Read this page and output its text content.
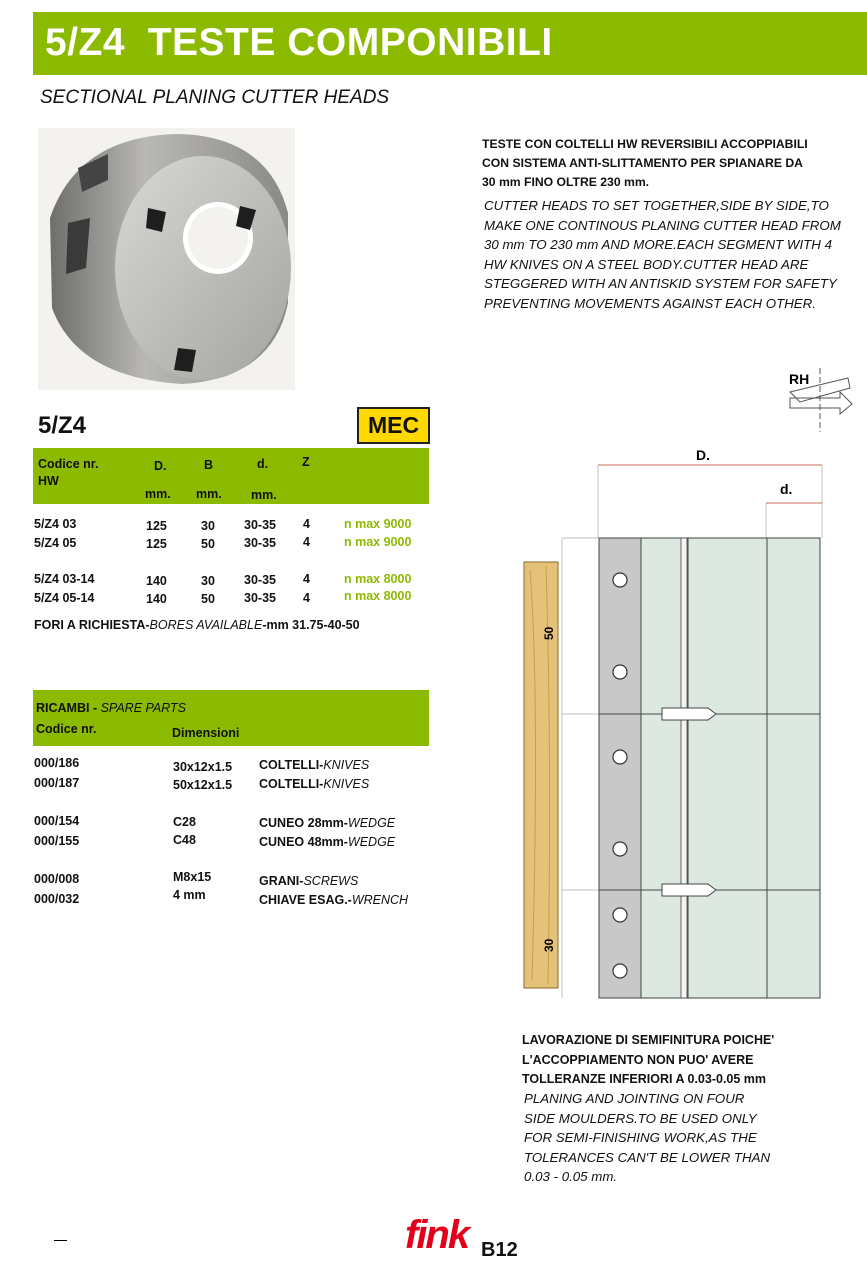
5/Z4  TESTE COMPONIBILI
SECTIONAL PLANING CUTTER HEADS
TESTE CON COLTELLI HW REVERSIBILI ACCOPPIABILI
CON SISTEMA ANTI-SLITTAMENTO PER SPIANARE DA
30 mm FINO OLTRE 230 mm.
CUTTER HEADS TO SET TOGETHER,SIDE BY SIDE,TO
MAKE ONE CONTINOUS PLANING CUTTER HEAD FROM
30 mm TO 230 mm AND MORE.EACH SEGMENT WITH 4
HW KNIVES ON A STEEL BODY.CUTTER HEAD ARE
STEGGERED WITH AN ANTISKID SYSTEM FOR SAFETY
PREVENTING MOVEMENTS AGAINST EACH OTHER.
5/Z4	MEC
Codice nr.
HW
D.	B	d.	Z
mm. mm. mm.
5/Z4 03	125	30 30-35 4	n max 9000
5/Z4 05	125	50 30-35 4	n max 9000
5/Z4 03-14	140	30 30-35 4	n max 8000
5/Z4 05-14	140	50 30-35 4	n max 8000
FORI A RICHIESTA-BORES AVAILABLE-mm 31.75-40-50
RICAMBI - SPARE PARTS
Codice nr.	Dimensioni
000/186	30x12x1.5 COLTELLI-KNIVES
000/187	50x12x1.5 COLTELLI-KNIVES
000/154	C28	CUNEO 28mm-WEDGE
000/155	C48	CUNEO 48mm-WEDGE
000/008	M8x15	GRANI-SCREWS
000/032	4 mm	CHIAVE ESAG.-WRENCH
RH
D.
d.
50
30
LAVORAZIONE DI SEMIFINITURA POICHE'
L'ACCOPPIAMENTO NON PUO' AVERE
TOLLERANZE INFERIORI A 0.03-0.05 mm
PLANING AND JOINTING ON FOUR
SIDE MOULDERS.TO BE USED ONLY
FOR SEMI-FINISHING WORK,AS THE
TOLERANCES CAN'T BE LOWER THAN
0.03 - 0.05 mm.
fink B12
